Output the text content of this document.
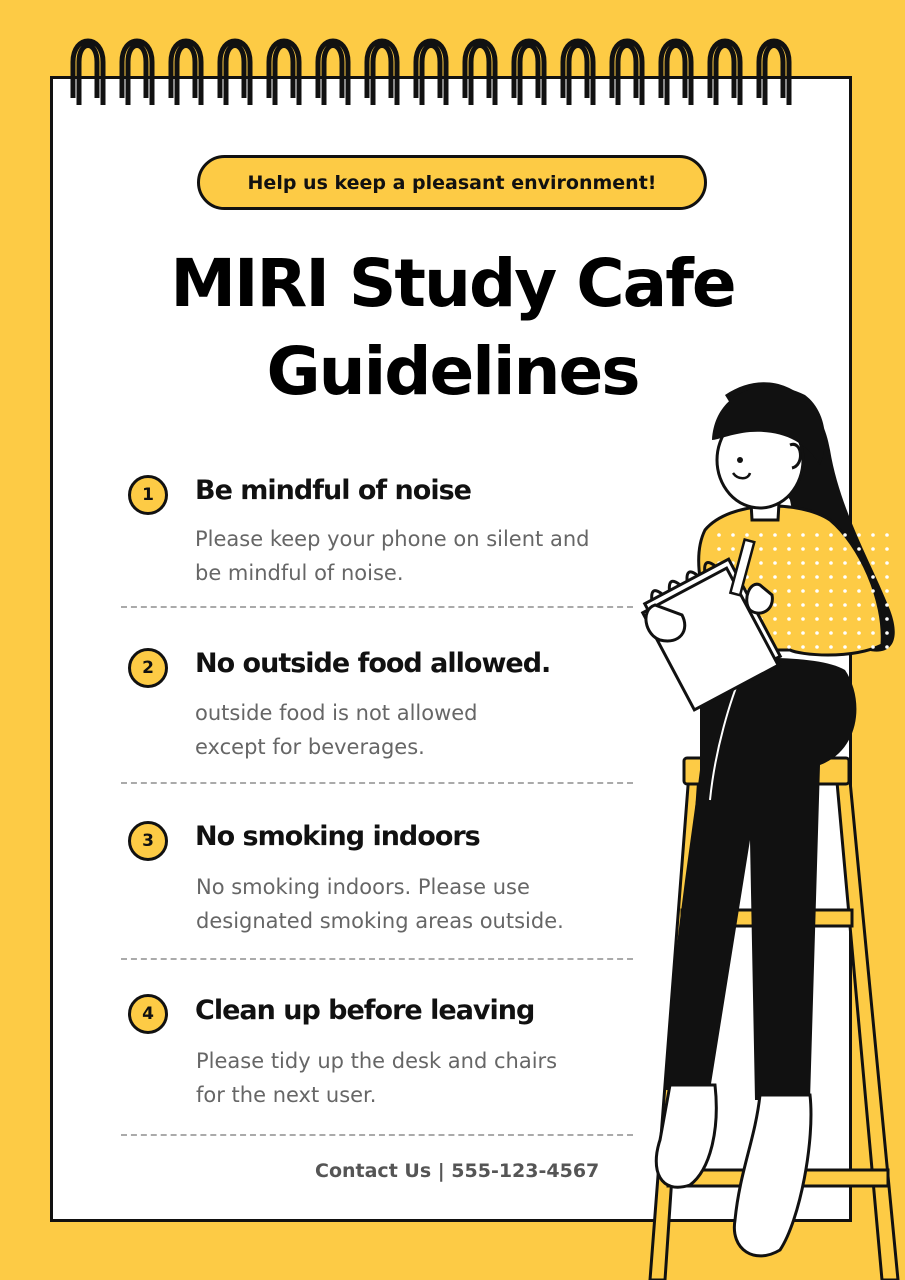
Help us keep a pleasant environment!
MIRI Study Cafe
Guidelines
1 Be mindful of noise
Please keep your phone on silent and
be mindful of noise.
2 No outside food allowed.
outside food is not allowed
except for beverages.
3 No smoking indoors
No smoking indoors. Please use
designated smoking areas outside.
4 Clean up before leaving
Please tidy up the desk and chairs
for the next user.
Contact Us | 555-123-4567
